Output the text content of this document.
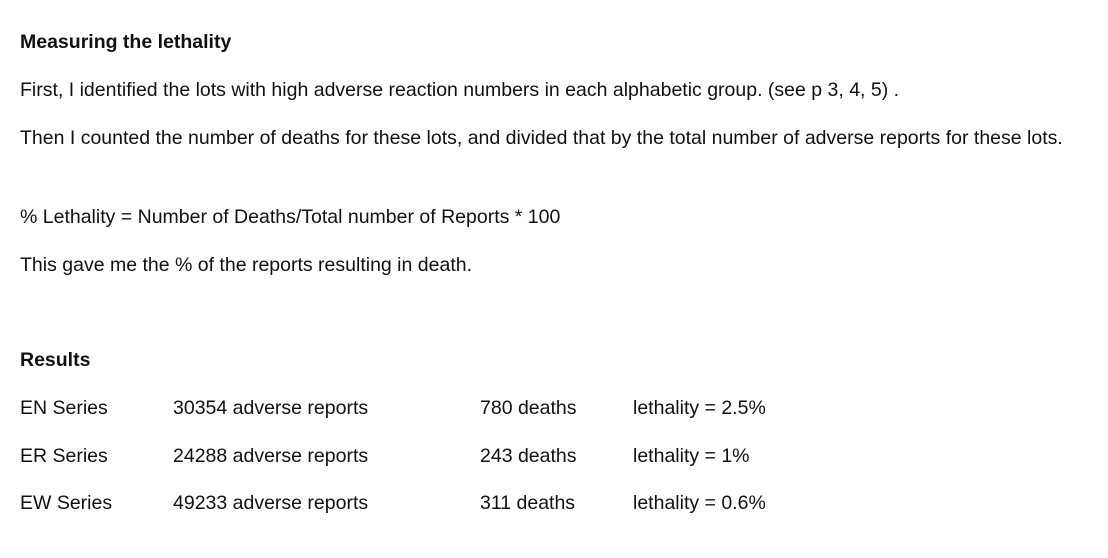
Measuring the lethality
First, I identified the lots with high adverse reaction numbers in each alphabetic group. (see p 3, 4, 5) .
Then I counted the number of deaths for these lots, and divided that by the total number of adverse reports for these lots.
% Lethality = Number of Deaths/Total number of Reports * 100
This gave me the % of the reports resulting in death.
Results
EN Series	30354 adverse reports	780 deaths	lethality = 2.5%
ER Series	24288 adverse reports	243 deaths	lethality = 1%
EW Series	49233 adverse reports	311 deaths	lethality = 0.6%
